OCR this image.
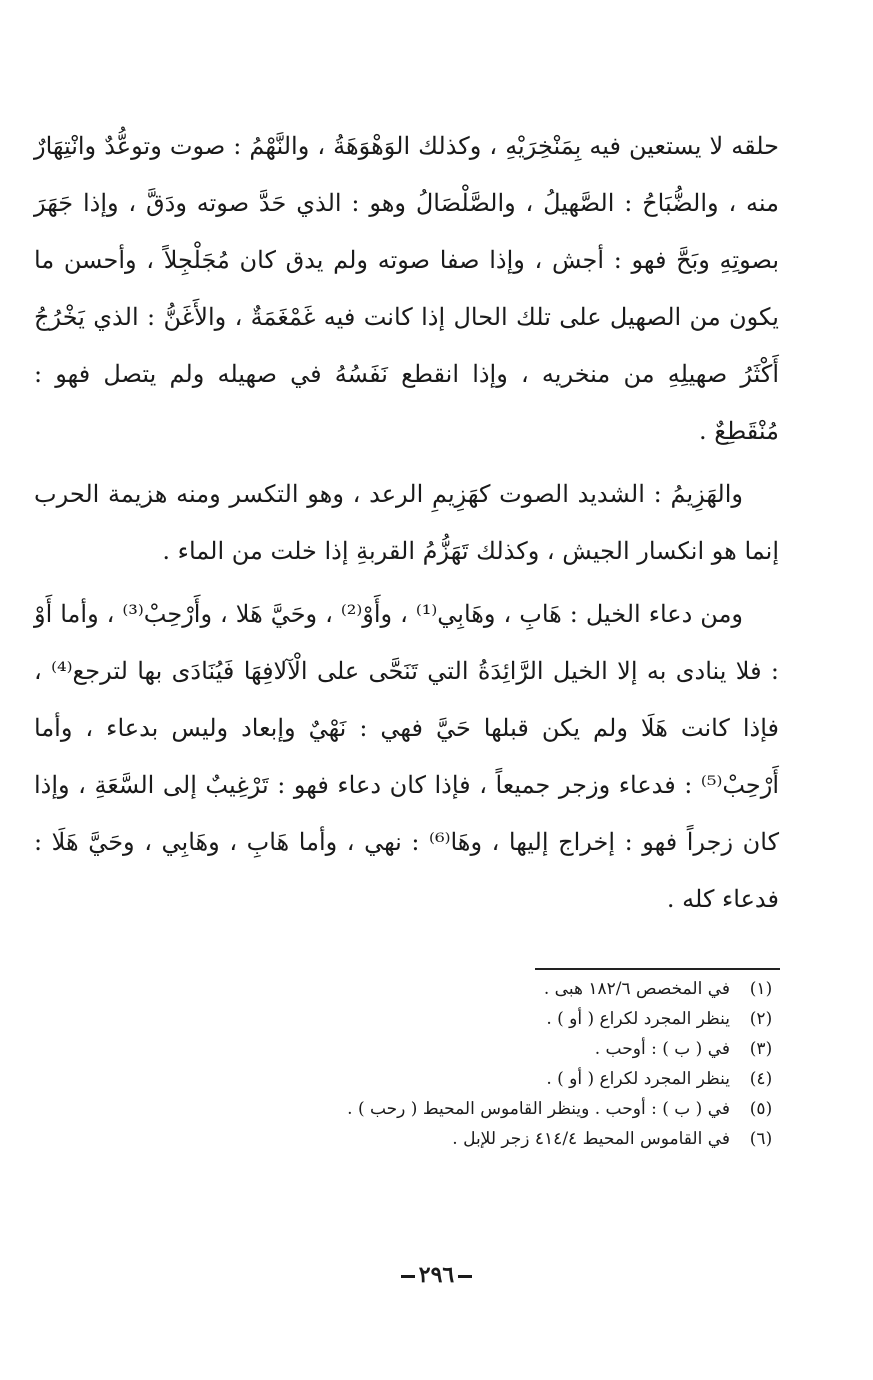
حلقه لا يستعين فيه بِمَنْخِرَيْهِ ، وكذلك الوَهْوَهَةُ ، والنَّهْمُ : صوت وتوعُّدٌ وانْتِهَارٌ منه ، والضُّبَاحُ : الصَّهيلُ ، والصَّلْصَالُ وهو : الذي حَدَّ صوته ودَقَّ ، وإذا جَهَرَ بصوتِهِ وبَحَّ فهو : أجش ، وإذا صفا صوته ولم يدق كان مُجَلْجِلاً ، وأحسن ما يكون من الصهيل على تلك الحال إذا كانت فيه غَمْغَمَةٌ ، والأَغَنُّ : الذي يَخْرُجُ أَكْثَرُ صهيلِهِ من منخريه ، وإذا انقطع نَفَسُهُ في صهيله ولم يتصل فهو : مُنْقَطِعٌ .

والهَزِيمُ : الشديد الصوت كهَزِيمِ الرعد ، وهو التكسر ومنه هزيمة الحرب إنما هو انكسار الجيش ، وكذلك تَهَزُّمُ القربةِ إذا خلت من الماء .

ومن دعاء الخيل : هَابِ ، وهَابِي⁽¹⁾ ، وأَوْ⁽²⁾ ، وحَيَّ هَلا ، وأَرْحِبْ⁽³⁾ ، وأما أَوْ : فلا ينادى به إلا الخيل الرَّائِدَةُ التي تَنَحَّى على الْآلافِهَا فَيُنَادَى بها لترجع⁽⁴⁾ ، فإذا كانت هَلَا ولم يكن قبلها حَيَّ فهي : نَهْيٌ وإبعاد وليس بدعاء ، وأما أَرْحِبْ⁽⁵⁾ : فدعاء وزجر جميعاً ، فإذا كان دعاء فهو : تَرْغِيبٌ إلى السَّعَةِ ، وإذا كان زجراً فهو : إخراج إليها ، وهَا⁽⁶⁾ : نهي ، وأما هَابِ ، وهَابِي ، وحَيَّ هَلَا : فدعاء كله .

(١)في المخصص ١٨٢/٦ هبى .
(٢)ينظر المجرد لكراع ( أو ) .
(٣)في ( ب ) : أوحب .
(٤)ينظر المجرد لكراع ( أو ) .
(٥)في ( ب ) : أوحب . وينظر القاموس المحيط ( رحب ) .
(٦)في القاموس المحيط ٤١٤/٤ زجر للإبل .
٢٩٦
